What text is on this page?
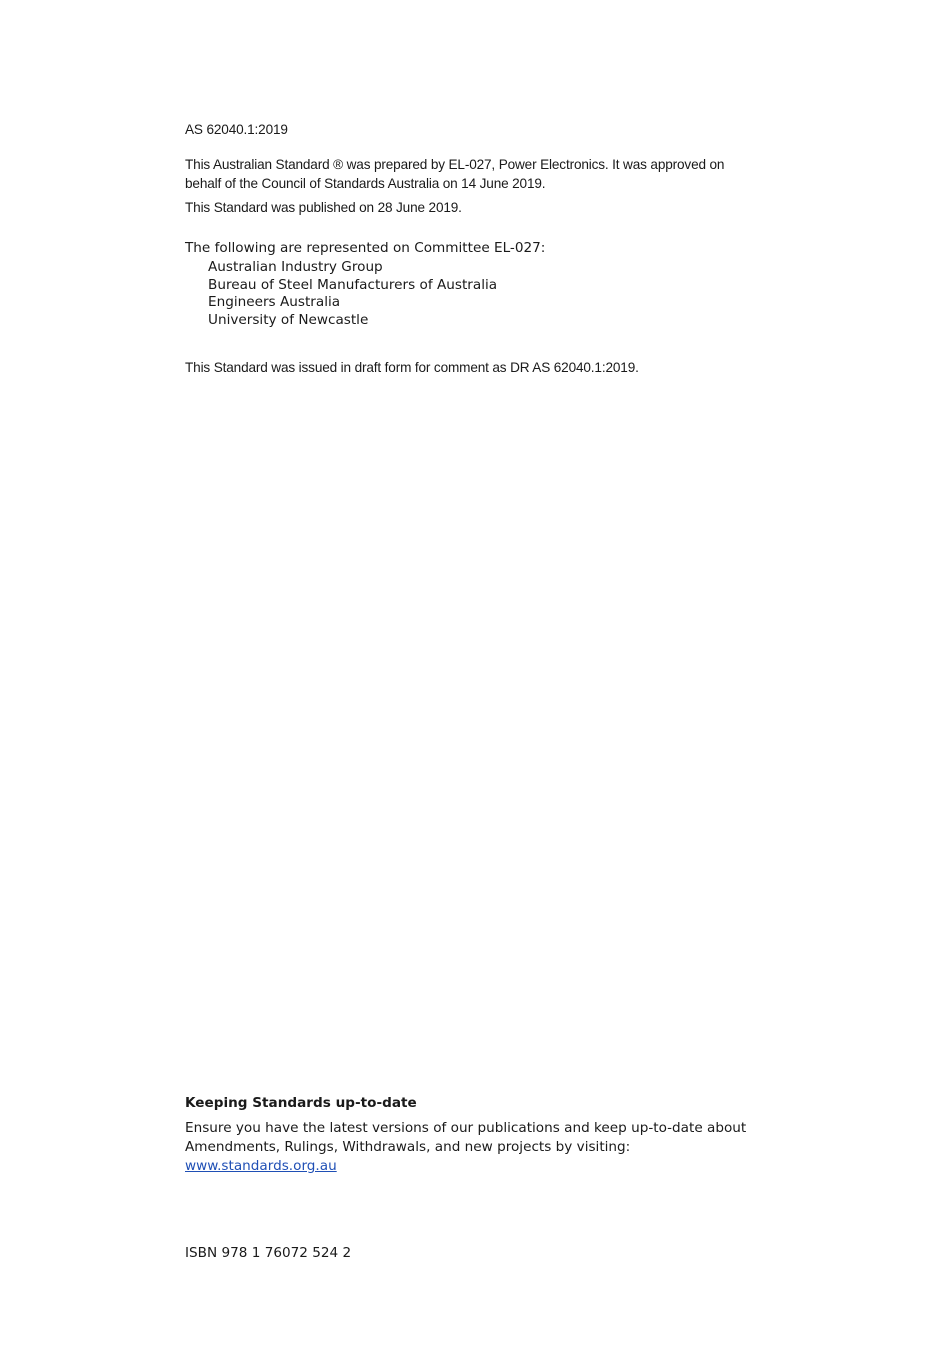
AS 62040.1:2019

This Australian Standard ® was prepared by EL-027, Power Electronics. It was approved on
behalf of the Council of Standards Australia on 14 June 2019.

This Standard was published on 28 June 2019.

The following are represented on Committee EL-027:

Australian Industry Group
Bureau of Steel Manufacturers of Australia
Engineers Australia
University of Newcastle

This Standard was issued in draft form for comment as DR AS 62040.1:2019.

Keeping Standards up-to-date

Ensure you have the latest versions of our publications and keep up-to-date about
Amendments, Rulings, Withdrawals, and new projects by visiting:
www.standards.org.au

ISBN 978 1 76072 524 2
